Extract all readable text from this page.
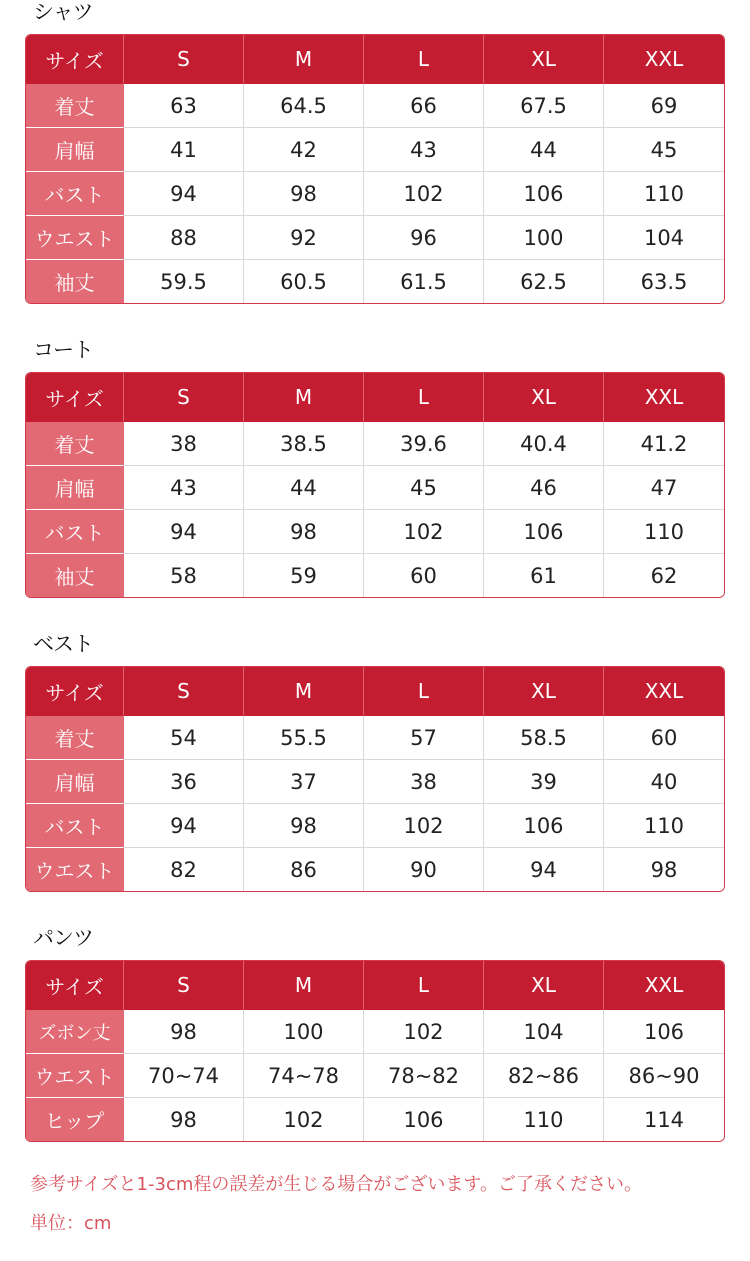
シャツ
コート
ベスト
パンツ
サイズ	S	M	L	XL	XXL
着丈	63	64.5	66	67.5	69
肩幅	41	42	43	44	45
バスト	94	98	102	106	110
ウエスト	88	92	96	100	104
袖丈	59.5	60.5	61.5	62.5	63.5
サイズ	S	M	L	XL	XXL
着丈	38	38.5	39.6	40.4	41.2
肩幅	43	44	45	46	47
バスト	94	98	102	106	110
袖丈	58	59	60	61	62
サイズ	S	M	L	XL	XXL
着丈	54	55.5	57	58.5	60
肩幅	36	37	38	39	40
バスト	94	98	102	106	110
ウエスト	82	86	90	94	98
サイズ	S	M	L	XL	XXL
ズボン丈	98	100	102	104	106
ウエスト	70~74	74~78	78~82	82~86	86~90
ヒップ	98	102	106	110	114
参考サイズと1-3cm程の誤差が生じる場合がございます。ご了承ください。
単位：cm
